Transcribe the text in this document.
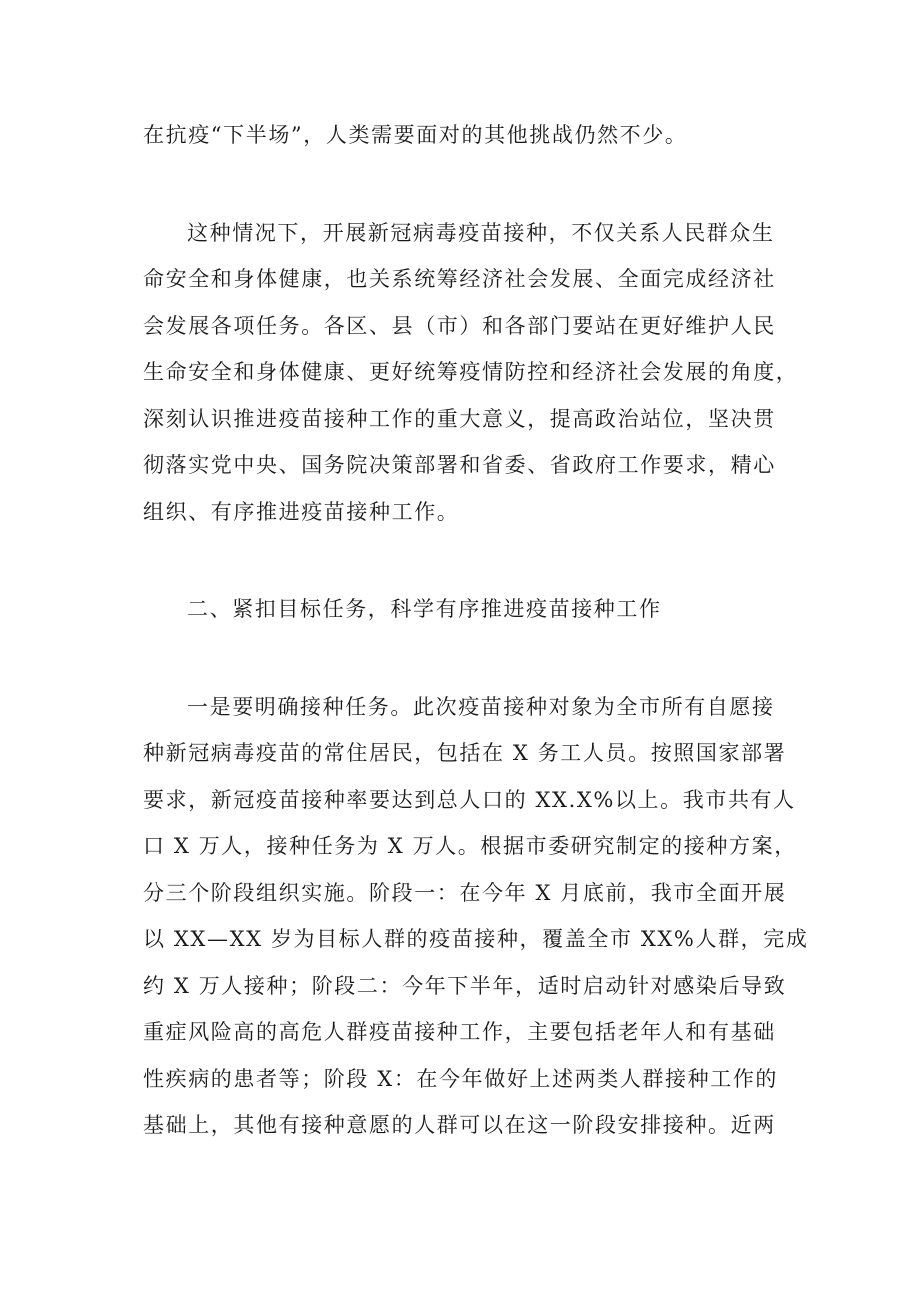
在抗疫“下半场”，人类需要面对的其他挑战仍然不少。
这种情况下，开展新冠病毒疫苗接种，不仅关系人民群众生
命安全和身体健康，也关系统筹经济社会发展、全面完成经济社
会发展各项任务。各区、县（市）和各部门要站在更好维护人民
生命安全和身体健康、更好统筹疫情防控和经济社会发展的角度，
深刻认识推进疫苗接种工作的重大意义，提高政治站位，坚决贯
彻落实党中央、国务院决策部署和省委、省政府工作要求，精心
组织、有序推进疫苗接种工作。
二、紧扣目标任务，科学有序推进疫苗接种工作
一是要明确接种任务。此次疫苗接种对象为全市所有自愿接
种新冠病毒疫苗的常住居民，包括在 X 务工人员。按照国家部署
要求，新冠疫苗接种率要达到总人口的 XX.X%以上。我市共有人
口 X 万人，接种任务为 X 万人。根据市委研究制定的接种方案，
分三个阶段组织实施。阶段一：在今年 X 月底前，我市全面开展
以 XX—XX 岁为目标人群的疫苗接种，覆盖全市 XX%人群，完成
约 X 万人接种；阶段二：今年下半年，适时启动针对感染后导致
重症风险高的高危人群疫苗接种工作，主要包括老年人和有基础
性疾病的患者等；阶段 X：在今年做好上述两类人群接种工作的
基础上，其他有接种意愿的人群可以在这一阶段安排接种。近两
